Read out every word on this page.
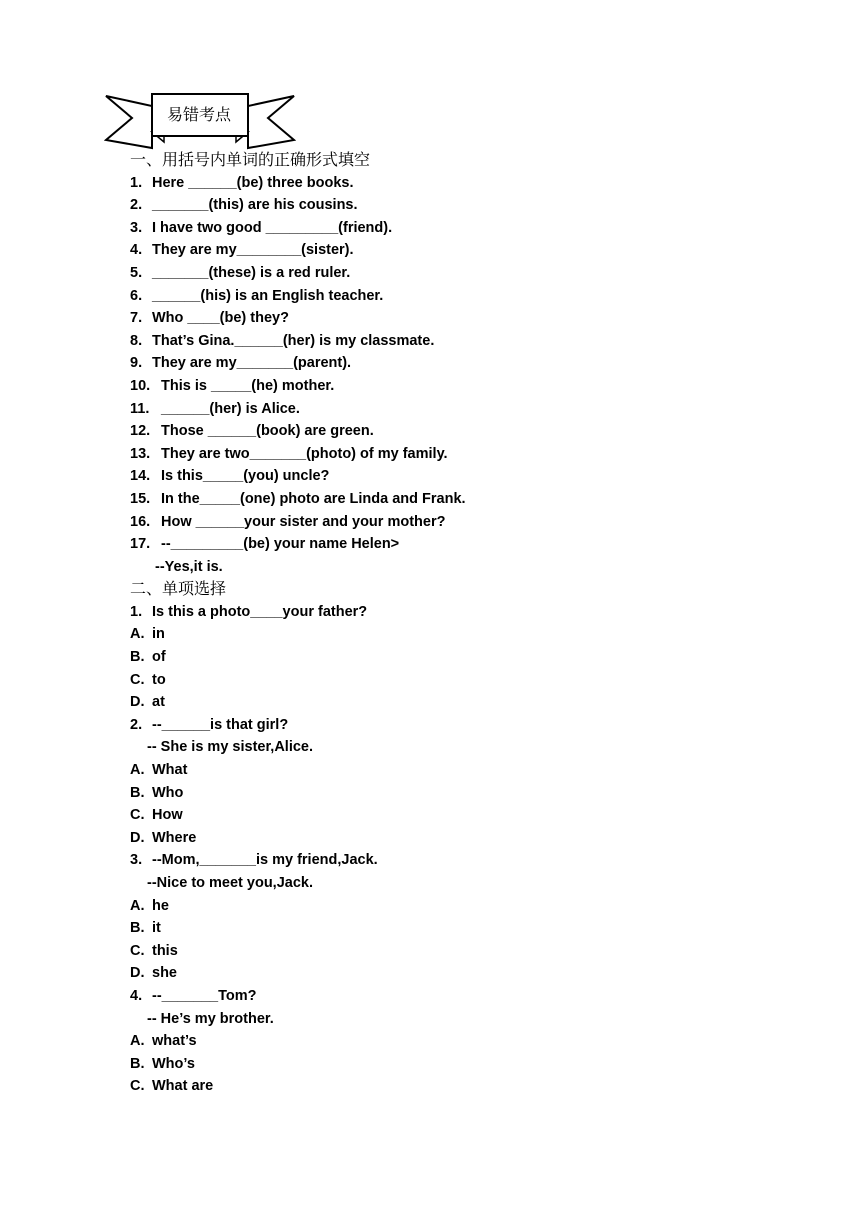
易错考点
一、用括号内单词的正确形式填空
1. Here ______(be) three books.
2. _______(this) are his cousins.
3. I have two good _________(friend).
4. They are my________(sister).
5. _______(these) is a red ruler.
6. ______(his) is an English teacher.
7. Who ____(be) they?
8. That’s Gina.______(her) is my classmate.
9. They are my_______(parent).
10. This is _____(he) mother.
11. ______(her) is Alice.
12. Those ______(book) are green.
13. They are two_______(photo) of my family.
14. Is this_____(you) uncle?
15. In the_____(one) photo are Linda and Frank.
16. How ______your sister and your mother?
17. --_________(be) your name Helen>
--Yes,it is.
二、单项选择
1. Is this a photo____your father?
A. in
B. of
C. to
D. at
2. --______is that girl?
-- She is my sister,Alice.
A. What
B. Who
C. How
D. Where
3. --Mom,_______is my friend,Jack.
--Nice to meet you,Jack.
A. he
B. it
C. this
D. she
4. --_______Tom?
-- He’s my brother.
A. what’s
B. Who’s
C. What are
